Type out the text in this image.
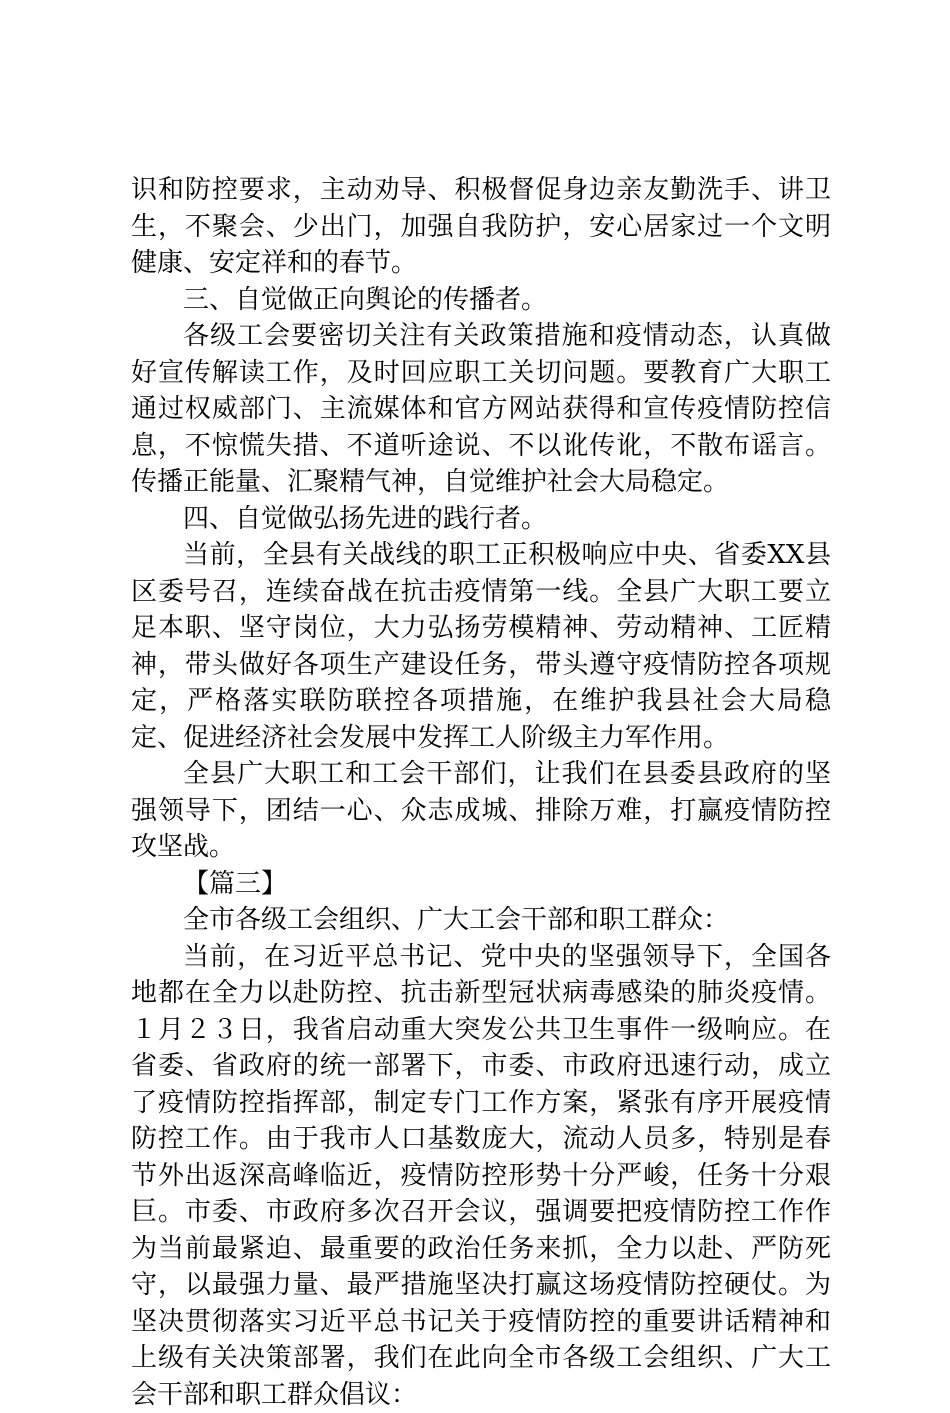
识和防控要求，主动劝导、积极督促身边亲友勤洗手、讲卫生，不聚会、少出门，加强自我防护，安心居家过一个文明健康、安定祥和的春节。

三、自觉做正向舆论的传播者。

各级工会要密切关注有关政策措施和疫情动态，认真做好宣传解读工作，及时回应职工关切问题。要教育广大职工通过权威部门、主流媒体和官方网站获得和宣传疫情防控信息，不惊慌失措、不道听途说、不以讹传讹，不散布谣言。传播正能量、汇聚精气神，自觉维护社会大局稳定。

四、自觉做弘扬先进的践行者。

当前，全县有关战线的职工正积极响应中央、省委XX县区委号召，连续奋战在抗击疫情第一线。全县广大职工要立足本职、坚守岗位，大力弘扬劳模精神、劳动精神、工匠精神，带头做好各项生产建设任务，带头遵守疫情防控各项规定，严格落实联防联控各项措施，在维护我县社会大局稳定、促进经济社会发展中发挥工人阶级主力军作用。

全县广大职工和工会干部们，让我们在县委县政府的坚强领导下，团结一心、众志成城、排除万难，打赢疫情防控攻坚战。

【篇三】

全市各级工会组织、广大工会干部和职工群众：

当前，在习近平总书记、党中央的坚强领导下，全国各地都在全力以赴防控、抗击新型冠状病毒感染的肺炎疫情。１月２３日，我省启动重大突发公共卫生事件一级响应。在省委、省政府的统一部署下，市委、市政府迅速行动，成立了疫情防控指挥部，制定专门工作方案，紧张有序开展疫情防控工作。由于我市人口基数庞大，流动人员多，特别是春节外出返深高峰临近，疫情防控形势十分严峻，任务十分艰巨。市委、市政府多次召开会议，强调要把疫情防控工作作为当前最紧迫、最重要的政治任务来抓，全力以赴、严防死守，以最强力量、最严措施坚决打赢这场疫情防控硬仗。为坚决贯彻落实习近平总书记关于疫情防控的重要讲话精神和上级有关决策部署，我们在此向全市各级工会组织、广大工会干部和职工群众倡议：
